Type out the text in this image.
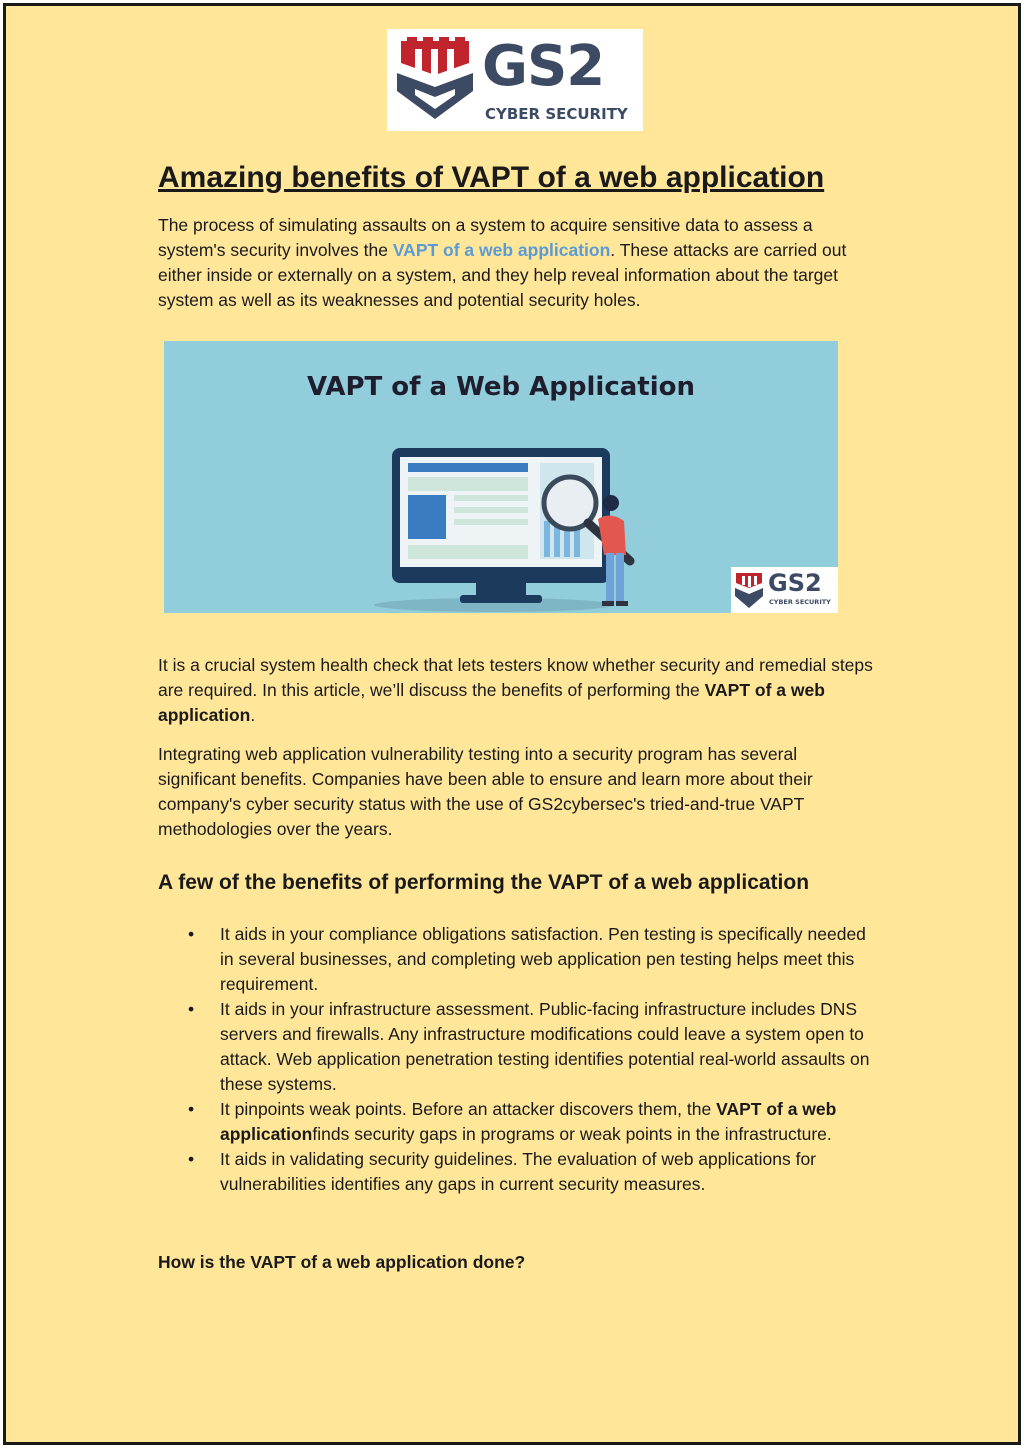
GS2
CYBER SECURITY
Amazing benefits of VAPT of a web application

The process of simulating assaults on a system to acquire sensitive data to assess a system's security involves the VAPT of a web application. These attacks are carried out either inside or externally on a system, and they help reveal information about the target system as well as its weaknesses and potential security holes.

VAPT of a Web Application
GS2
CYBER SECURITY

It is a crucial system health check that lets testers know whether security and remedial steps are required. In this article, we’ll discuss the benefits of performing the VAPT of a web application.

Integrating web application vulnerability testing into a security program has several significant benefits. Companies have been able to ensure and learn more about their company's cyber security status with the use of GS2cybersec's tried-and-true VAPT methodologies over the years.

A few of the benefits of performing the VAPT of a web application
• It aids in your compliance obligations satisfaction. Pen testing is specifically needed in several businesses, and completing web application pen testing helps meet this requirement.
• It aids in your infrastructure assessment. Public-facing infrastructure includes DNS servers and firewalls. Any infrastructure modifications could leave a system open to attack. Web application penetration testing identifies potential real-world assaults on these systems.
• It pinpoints weak points. Before an attacker discovers them, the VAPT of a web applicationfinds security gaps in programs or weak points in the infrastructure.
• It aids in validating security guidelines. The evaluation of web applications for vulnerabilities identifies any gaps in current security measures.
How is the VAPT of a web application done?
